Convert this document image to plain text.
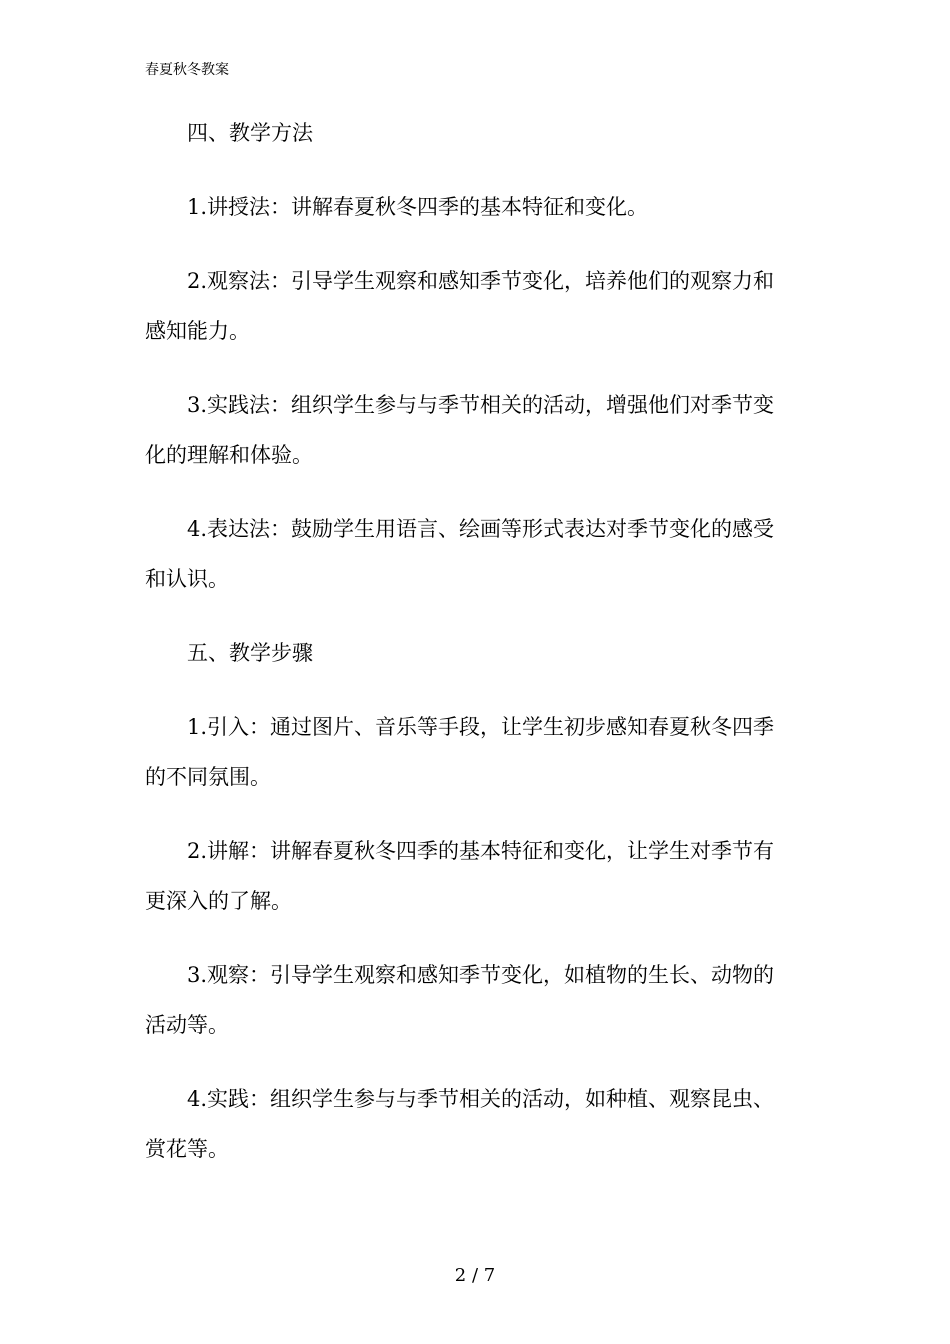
春夏秋冬教案

四、教学方法

1.讲授法：讲解春夏秋冬四季的基本特征和变化。

2.观察法：引导学生观察和感知季节变化，培养他们的观察力和感知能力。

3.实践法：组织学生参与与季节相关的活动，增强他们对季节变化的理解和体验。

4.表达法：鼓励学生用语言、绘画等形式表达对季节变化的感受和认识。

五、教学步骤

1.引入：通过图片、音乐等手段，让学生初步感知春夏秋冬四季的不同氛围。

2.讲解：讲解春夏秋冬四季的基本特征和变化，让学生对季节有更深入的了解。

3.观察：引导学生观察和感知季节变化，如植物的生长、动物的活动等。

4.实践：组织学生参与与季节相关的活动，如种植、观察昆虫、赏花等。

2 / 7
